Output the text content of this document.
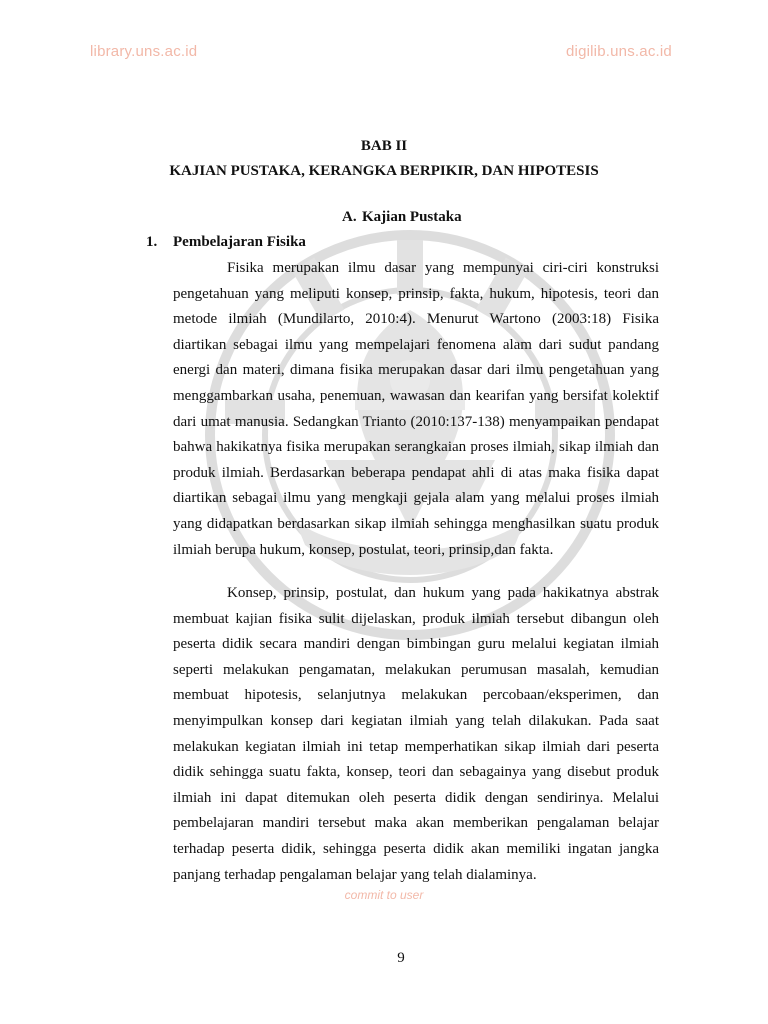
library.uns.ac.id	digilib.uns.ac.id
BAB II
KAJIAN PUSTAKA, KERANGKA BERPIKIR, DAN HIPOTESIS
A. Kajian Pustaka
1. Pembelajaran Fisika

Fisika merupakan ilmu dasar yang mempunyai ciri-ciri konstruksi pengetahuan yang meliputi konsep, prinsip, fakta, hukum, hipotesis, teori dan metode ilmiah (Mundilarto, 2010:4). Menurut Wartono (2003:18) Fisika diartikan sebagai ilmu yang mempelajari fenomena alam dari sudut pandang energi dan materi, dimana fisika merupakan dasar dari ilmu pengetahuan yang menggambarkan usaha, penemuan, wawasan dan kearifan yang bersifat kolektif dari umat manusia. Sedangkan Trianto (2010:137-138) menyampaikan pendapat bahwa hakikatnya fisika merupakan serangkaian proses ilmiah, sikap ilmiah dan produk ilmiah. Berdasarkan beberapa pendapat ahli di atas maka fisika dapat diartikan sebagai ilmu yang mengkaji gejala alam yang melalui proses ilmiah yang didapatkan berdasarkan sikap ilmiah sehingga menghasilkan suatu produk ilmiah berupa hukum, konsep, postulat, teori, prinsip,dan fakta.

Konsep, prinsip, postulat, dan hukum yang pada hakikatnya abstrak membuat kajian fisika sulit dijelaskan, produk ilmiah tersebut dibangun oleh peserta didik secara mandiri dengan bimbingan guru melalui kegiatan ilmiah seperti melakukan pengamatan, melakukan perumusan masalah, kemudian membuat hipotesis, selanjutnya melakukan percobaan/eksperimen, dan menyimpulkan konsep dari kegiatan ilmiah yang telah dilakukan. Pada saat melakukan kegiatan ilmiah ini tetap memperhatikan sikap ilmiah dari peserta didik sehingga suatu fakta, konsep, teori dan sebagainya yang disebut produk ilmiah ini dapat ditemukan oleh peserta didik dengan sendirinya. Melalui pembelajaran mandiri tersebut maka akan memberikan pengalaman belajar terhadap peserta didik, sehingga peserta didik akan memiliki ingatan jangka panjang terhadap pengalaman belajar yang telah dialaminya.

commit to user
9
